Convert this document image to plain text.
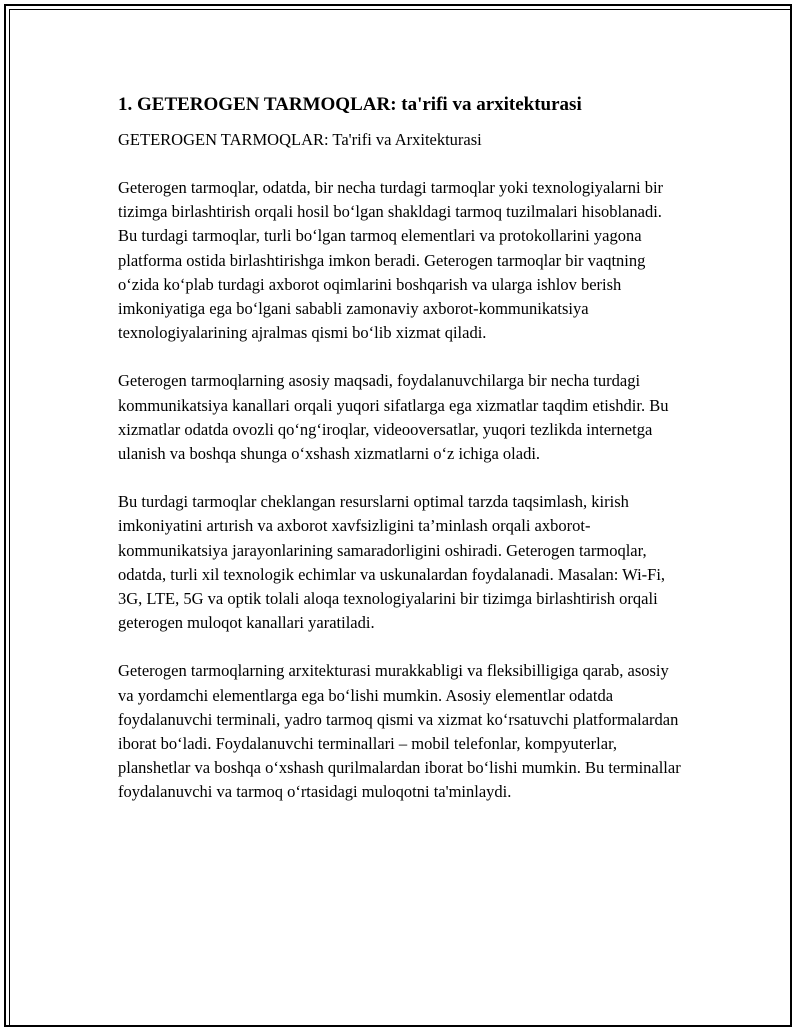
1. GETEROGEN TARMOQLAR: ta'rifi va arxitekturasi

GETEROGEN TARMOQLAR: Ta'rifi va Arxitekturasi

Geterogen tarmoqlar, odatda, bir necha turdagi tarmoqlar yoki texnologiyalarni bir tizimga birlashtirish orqali hosil bo‘lgan shakldagi tarmoq tuzilmalari hisoblanadi. Bu turdagi tarmoqlar, turli bo‘lgan tarmoq elementlari va protokollarini yagona platforma ostida birlashtirishga imkon beradi. Geterogen tarmoqlar bir vaqtning o‘zida ko‘plab turdagi axborot oqimlarini boshqarish va ularga ishlov berish imkoniyatiga ega bo‘lgani sababli zamonaviy axborot-kommunikatsiya texnologiyalarining ajralmas qismi bo‘lib xizmat qiladi.

Geterogen tarmoqlarning asosiy maqsadi, foydalanuvchilarga bir necha turdagi kommunikatsiya kanallari orqali yuqori sifatlarga ega xizmatlar taqdim etishdir. Bu xizmatlar odatda ovozli qo‘ng‘iroqlar, videooversatlar, yuqori tezlikda internetga ulanish va boshqa shunga o‘xshash xizmatlarni o‘z ichiga oladi.

Bu turdagi tarmoqlar cheklangan resurslarni optimal tarzda taqsimlash, kirish imkoniyatini artırish va axborot xavfsizligini ta’minlash orqali axborot-kommunikatsiya jarayonlarining samaradorligini oshiradi. Geterogen tarmoqlar, odatda, turli xil texnologik echimlar va uskunalardan foydalanadi. Masalan: Wi-Fi, 3G, LTE, 5G va optik tolali aloqa texnologiyalarini bir tizimga birlashtirish orqali geterogen muloqot kanallari yaratiladi.

Geterogen tarmoqlarning arxitekturasi murakkabligi va fleksibilligiga qarab, asosiy va yordamchi elementlarga ega bo‘lishi mumkin. Asosiy elementlar odatda foydalanuvchi terminali, yadro tarmoq qismi va xizmat ko‘rsatuvchi platformalardan iborat bo‘ladi. Foydalanuvchi terminallari – mobil telefonlar, kompyuterlar, planshetlar va boshqa o‘xshash qurilmalardan iborat bo‘lishi mumkin. Bu terminallar foydalanuvchi va tarmoq o‘rtasidagi muloqotni ta'minlaydi.
